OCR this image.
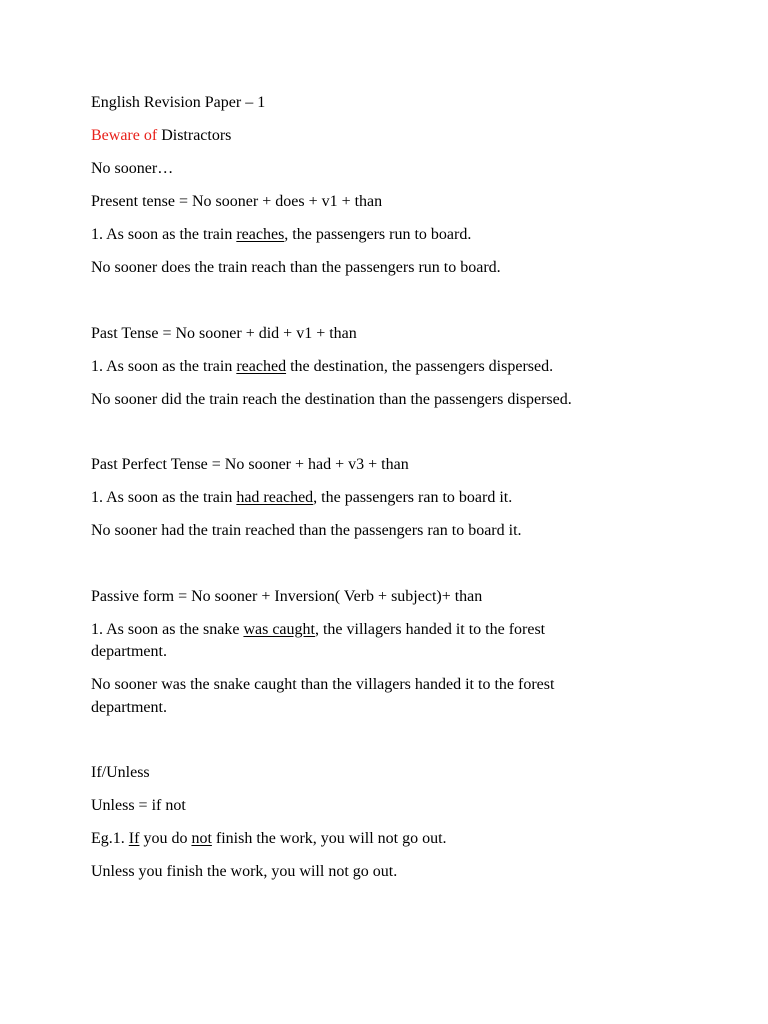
English Revision Paper – 1

Beware of Distractors

No sooner…

Present tense = No sooner + does + v1 + than

1. As soon as the train reaches, the passengers run to board.

No sooner does the train reach than the passengers run to board.

Past Tense = No sooner + did + v1 + than

1. As soon as the train reached the destination, the passengers dispersed.

No sooner did the train reach the destination than the passengers dispersed.

Past Perfect Tense = No sooner + had + v3 + than

1. As soon as the train had reached, the passengers ran to board it.

No sooner had the train reached than the passengers ran to board it.

Passive form = No sooner + Inversion( Verb + subject)+ than

1. As soon as the snake was caught, the villagers handed it to the forest department.

No sooner was the snake caught than the villagers handed it to the forest department.

If/Unless

Unless = if not

Eg.1. If you do not finish the work, you will not go out.

Unless you finish the work, you will not go out.
